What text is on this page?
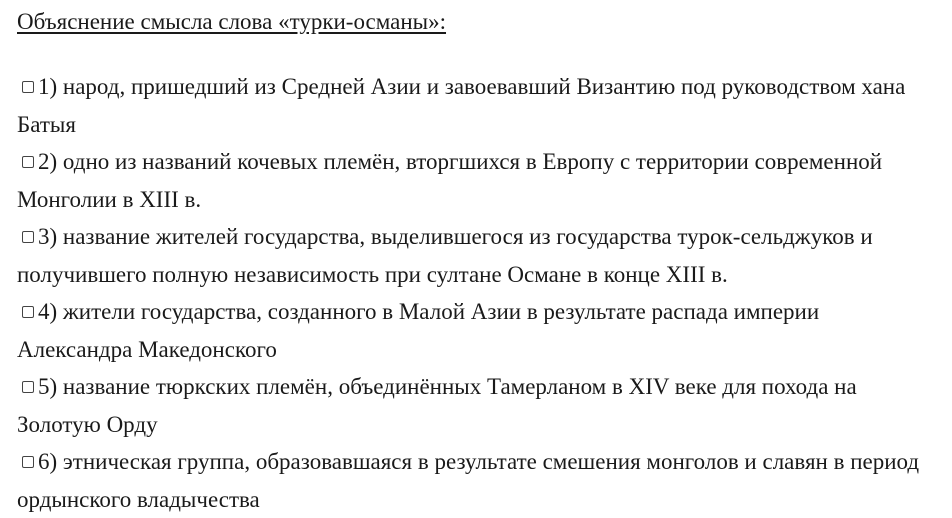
Объяснение смысла слова «турки-османы»:
1) народ, пришедший из Средней Азии и завоевавший Византию под руководством хана Батыя
2) одно из названий кочевых племён, вторгшихся в Европу с территории современной Монголии в XIII в.
3) название жителей государства, выделившегося из государства турок-сельджуков и получившего полную независимость при султане Османе в конце XIII в.
4) жители государства, созданного в Малой Азии в результате распада империи Александра Македонского
5) название тюркских племён, объединённых Тамерланом в XIV веке для похода на Золотую Орду
6) этническая группа, образовавшаяся в результате смешения монголов и славян в период ордынского владычества
